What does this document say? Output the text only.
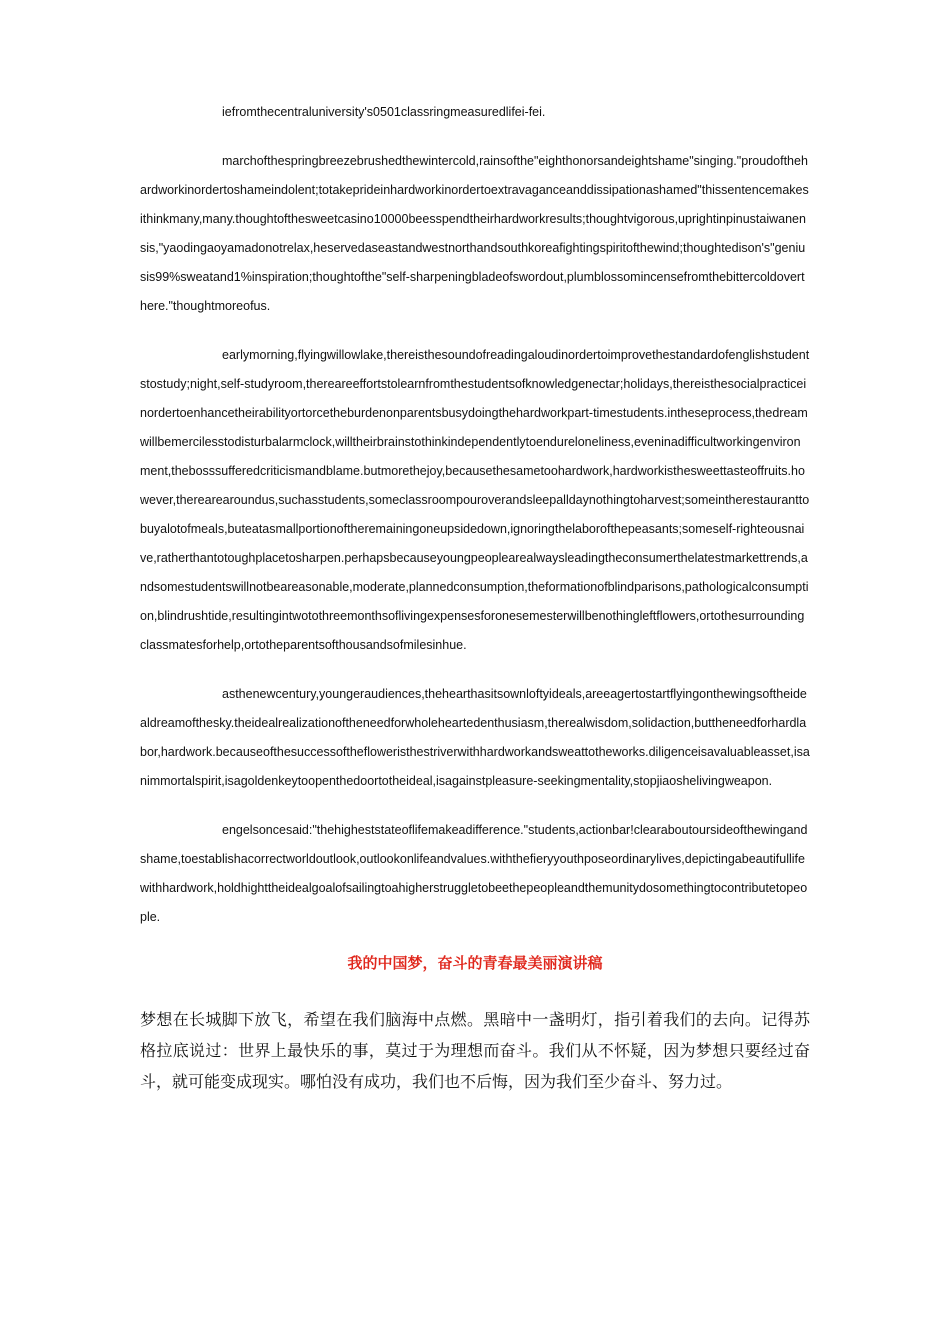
iefromthecentraluniversity's0501classringmeasuredlifei-fei.

marchofthespringbreezebrushedthewintercold,rainsofthe"eighthonorsandeightshame"singing."proudofthehardworkinordertoshameindolent;totakeprideinhardworkinordertoextravaganceanddissipationashamed"thissentencemakesithinkmany,many.thoughtofthesweetcasino10000beesspendtheirhardworkresults;thoughtvigorous,uprightinpinustaiwanensis,"yaodingaoyamadonotrelax,heservedaseastandwestnorthandsouthkoreafightingspiritofthewind;thoughtedison's"geniusis99%sweatand1%inspiration;thoughtofthe"self-sharpeningbladeofswordout,plumblossomincensefromthebittercoldoverthere."thoughtmoreofus.

earlymorning,flyingwillowlake,thereisthesoundofreadingaloudinordertoimprovethestandardofenglishstudentstostudy;night,self-studyroom,thereareeffortstolearnfromthestudentsofknowledgenectar;holidays,thereisthesocialpracticeinordertoenhancetheirabilityortorcetheburdenonparentsbusydoingthehardworkpart-timestudents.intheseprocess,thedreamwillbemercilesstodisturbalarmclock,willtheirbrainstothinkindependentlytoendureloneliness,eveninadifficultworkingenvironment,thebosssufferedcriticismandblame.butmorethejoy,becausethesametoohardwork,hardworkisthesweettasteoffruits.however,therearearoundus,suchasstudents,someclassroompouroverandsleepalldaynothingtoharvest;someintherestauranttobuyalotofmeals,buteatasmallportionoftheremainingoneupsidedown,ignoringthelaborofthepeasants;someself-righteousnaive,ratherthantotoughplacetosharpen.perhapsbecauseyoungpeoplearealwaysleadingtheconsumerthelatestmarkettrends,andsomestudentswillnotbeareasonable,moderate,plannedconsumption,theformationofblindparisons,pathologicalconsumption,blindrushtide,resultingintwotothreemonthsoflivingexpensesforonesemesterwillbenothingleftflowers,ortothesurroundingclassmatesforhelp,ortotheparentsofthousandsofmilesinhue.

asthenewcentury,youngeraudiences,thehearthasitsownloftyideals,areeagertostartflyingonthewingsoftheidealdreamofthesky.theidealrealizationoftheneedforwholeheartedenthusiasm,therealwisdom,solidaction,buttheneedforhardlabor,hardwork.becauseofthesuccessofthefloweristhestriverwithhardworkandsweattotheworks.diligenceisavaluableasset,isanimmortalspirit,isagoldenkeytoopenthedoortotheideal,isagainstpleasure-seekingmentality,stopjiaoshelivingweapon.

engelsoncesaid:"thehigheststateoflifemakeadifference."students,actionbar!clearaboutoursideofthewingandshame,toestablishacorrectworldoutlook,outlookonlifeandvalues.withthefieryyouthposeordinarylives,depictingabeautifullifewithhardwork,holdhighttheidealgoalofsailingtoahigherstruggletobeethepeopleandthemunitydosomethingtocontributetopeople.

我的中国梦，奋斗的青春最美丽演讲稿

梦想在长城脚下放飞，希望在我们脑海中点燃。黑暗中一盏明灯，指引着我们的去向。记得苏格拉底说过：世界上最快乐的事，莫过于为理想而奋斗。我们从不怀疑，因为梦想只要经过奋斗，就可能变成现实。哪怕没有成功，我们也不后悔，因为我们至少奋斗、努力过。
